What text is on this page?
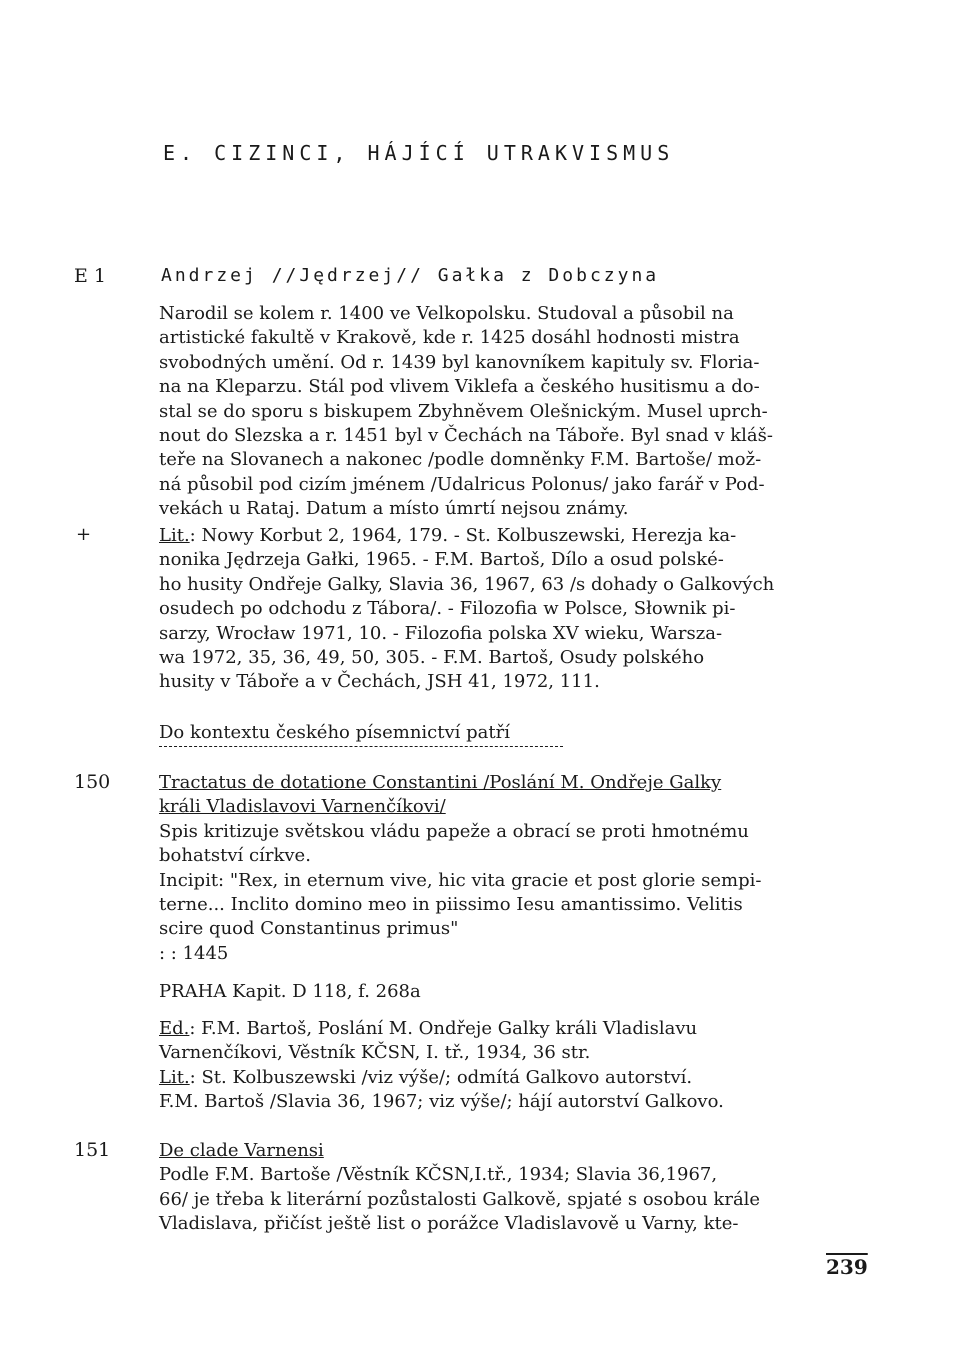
E. CIZINCI, HÁJÍCÍ UTRAKVISMUS
E 1	Andrzej //Jędrzej// Gałka z Dobczyna
Narodil se kolem r. 1400 ve Velkopolsku. Studoval a působil na
artistické fakultě v Krakově, kde r. 1425 dosáhl hodnosti mistra
svobodných umění. Od r. 1439 byl kanovníkem kapituly sv. Floria-
na na Kleparzu. Stál pod vlivem Viklefa a českého husitismu a do-
stal se do sporu s biskupem Zbyhněvem Olešnickým. Musel uprch-
nout do Slezska a r. 1451 byl v Čechách na Táboře. Byl snad v kláš-
teře na Slovanech a nakonec /podle domněnky F.M. Bartoše/ mož-
ná působil pod cizím jménem /Udalricus Polonus/ jako farář v Pod-
vekách u Rataj. Datum a místo úmrtí nejsou známy.
+	Lit.: Nowy Korbut 2, 1964, 179. - St. Kolbuszewski, Herezja ka-
nonika Jędrzeja Gałki, 1965. - F.M. Bartoš, Dílo a osud polské-
ho husity Ondřeje Galky, Slavia 36, 1967, 63 /s dohady o Galkových
osudech po odchodu z Tábora/. - Filozofia w Polsce, Słownik pi-
sarzy, Wrocław 1971, 10. - Filozofia polska XV wieku, Warsza-
wa 1972, 35, 36, 49, 50, 305. - F.M. Bartoš, Osudy polského
husity v Táboře a v Čechách, JSH 41, 1972, 111.
Do kontextu českého písemnictví patří
150	Tractatus de dotatione Constantini /Poslání M. Ondřeje Galky
králi Vladislavovi Varnenčíkovi/
Spis kritizuje světskou vládu papeže a obrací se proti hmotnému
bohatství církve.
Incipit: "Rex, in eternum vive, hic vita gracie et post glorie sempi-
terne... Inclito domino meo in piissimo Iesu amantissimo. Velitis
scire quod Constantinus primus"
: : 1445
PRAHA Kapit. D 118, f. 268a
Ed.: F.M. Bartoš, Poslání M. Ondřeje Galky králi Vladislavu
Varnenčíkovi, Věstník KČSN, I. tř., 1934, 36 str.
Lit.: St. Kolbuszewski /viz výše/; odmítá Galkovo autorství.
F.M. Bartoš /Slavia 36, 1967; viz výše/; hájí autorství Galkovo.
151	De clade Varnensi
Podle F.M. Bartoše /Věstník KČSN,I.tř., 1934; Slavia 36,1967,
66/ je třeba k literární pozůstalosti Galkově, spjaté s osobou krále
Vladislava, přičíst ještě list o porážce Vladislavově u Varny, kte-
239
